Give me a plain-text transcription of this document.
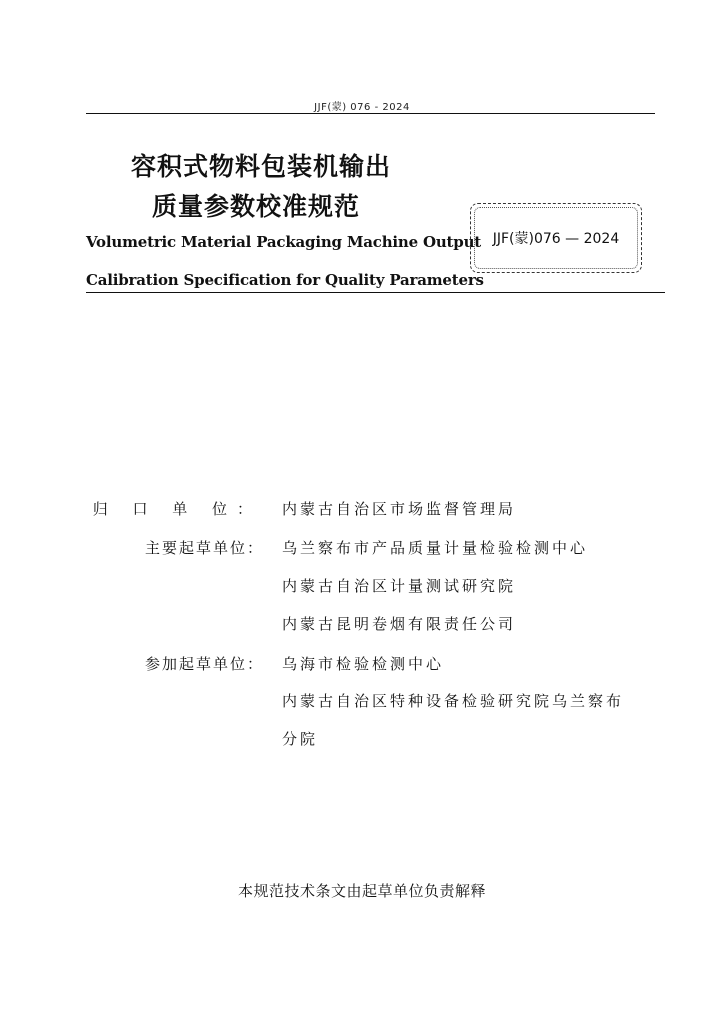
JJF(蒙) 076 - 2024
容积式物料包装机输出
质量参数校准规范
Volumetric Material Packaging Machine Output
Calibration Specification for Quality Parameters
JJF(蒙)076 — 2024
归 口 单 位： 内蒙古自治区市场监督管理局
主要起草单位： 乌兰察布市产品质量计量检验检测中心
内蒙古自治区计量测试研究院
内蒙古昆明卷烟有限责任公司
参加起草单位： 乌海市检验检测中心
内蒙古自治区特种设备检验研究院乌兰察布
分院
本规范技术条文由起草单位负责解释
